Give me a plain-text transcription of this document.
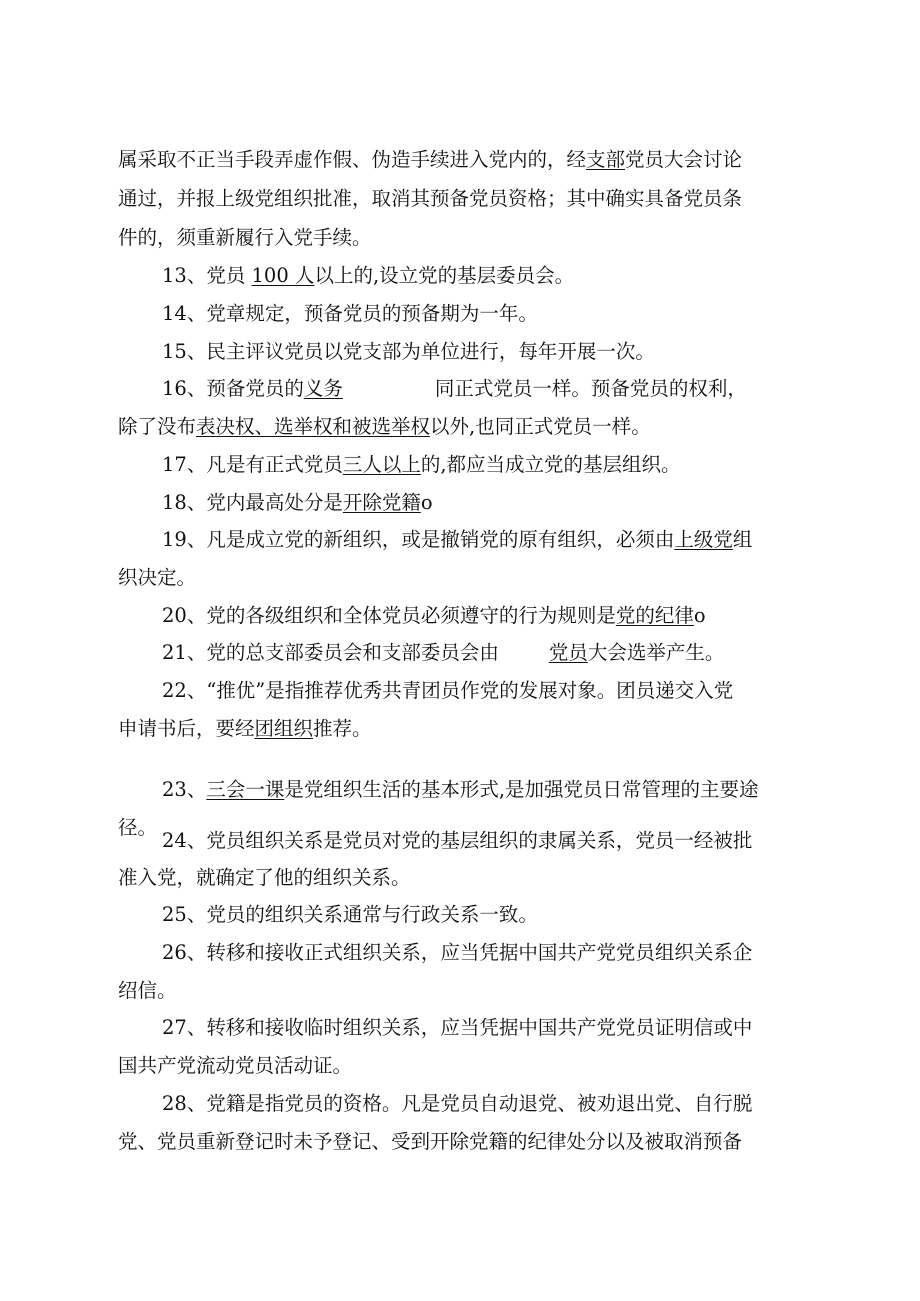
属采取不正当手段弄虚作假、伪造手续进入党内的，经支部党员大会讨论
通过，并报上级党组织批准，取消其预备党员资格；其中确实具备党员条
件的，须重新履行入党手续。
13、党员 100 人以上的,设立党的基层委员会。
14、党章规定，预备党员的预备期为一年。
15、民主评议党员以党支部为单位进行，每年开展一次。
16、预备党员的义务	同正式党员一样。预备党员的权利，
除了没布表决权、选举权和被选举权以外,也同正式党员一样。
17、凡是有正式党员三人以上的,都应当成立党的基层组织。
18、党内最高处分是开除党籍o
19、凡是成立党的新组织，或是撤销党的原有组织，必须由上级党组
织决定。
20、党的各级组织和全体党员必须遵守的行为规则是党的纪律o
21、党的总支部委员会和支部委员会由	党员大会选举产生。
22、“推优”是指推荐优秀共青团员作党的发展对象。团员递交入党
申请书后，要经团组织推荐。
23、三会一课是党组织生活的基本形式,是加强党员日常管理的主要途
径。
24、党员组织关系是党员对党的基层组织的隶属关系，党员一经被批
准入党，就确定了他的组织关系。
25、党员的组织关系通常与行政关系一致。
26、转移和接收正式组织关系，应当凭据中国共产党党员组织关系企
绍信。
27、转移和接收临时组织关系，应当凭据中国共产党党员证明信或中
国共产党流动党员活动证。
28、党籍是指党员的资格。凡是党员自动退党、被劝退出党、自行脱
党、党员重新登记时未予登记、受到开除党籍的纪律处分以及被取消预备
